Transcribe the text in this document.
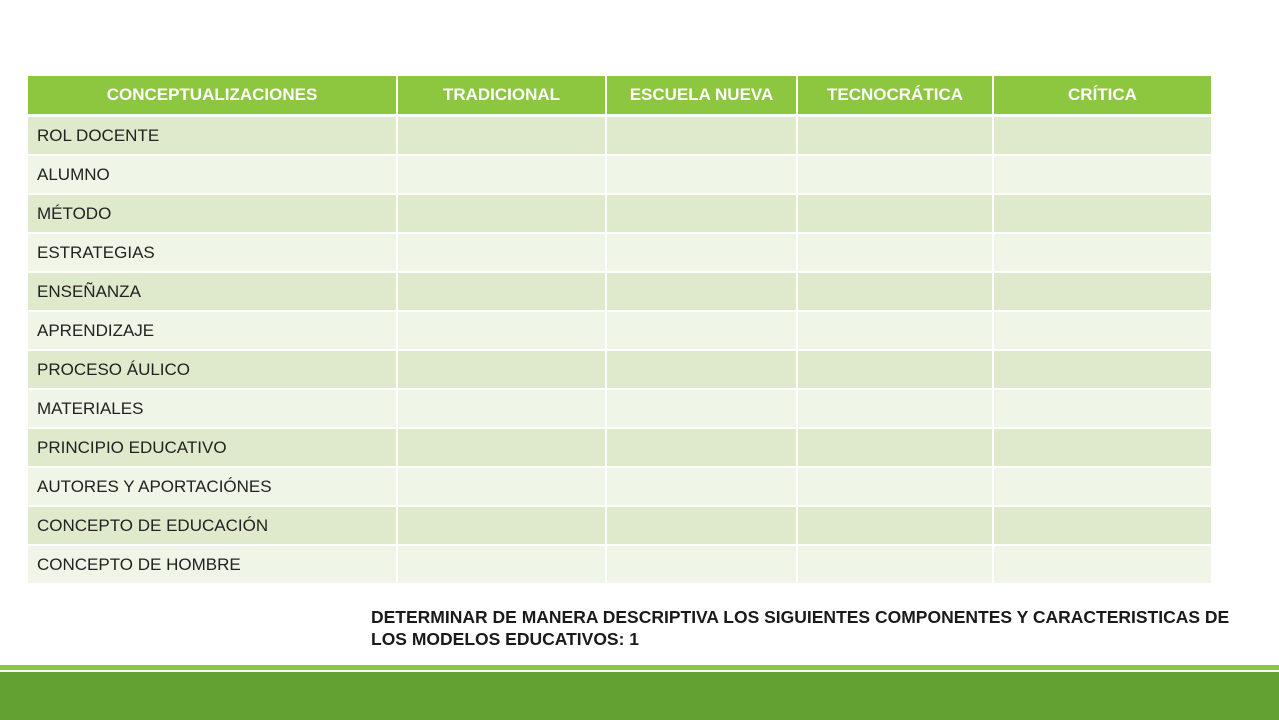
CONCEPTUALIZACIONES	TRADICIONAL	ESCUELA NUEVA	TECNOCRÁTICA	CRÍTICA
ROL DOCENTE				
ALUMNO				
MÉTODO				
ESTRATEGIAS				
ENSEÑANZA				
APRENDIZAJE				
PROCESO ÁULICO				
MATERIALES				
PRINCIPIO EDUCATIVO				
AUTORES Y APORTACIÓNES				
CONCEPTO DE EDUCACIÓN				
CONCEPTO DE HOMBRE				
DETERMINAR DE MANERA DESCRIPTIVA LOS SIGUIENTES COMPONENTES Y CARACTERISTICAS DE LOS MODELOS EDUCATIVOS: 1
